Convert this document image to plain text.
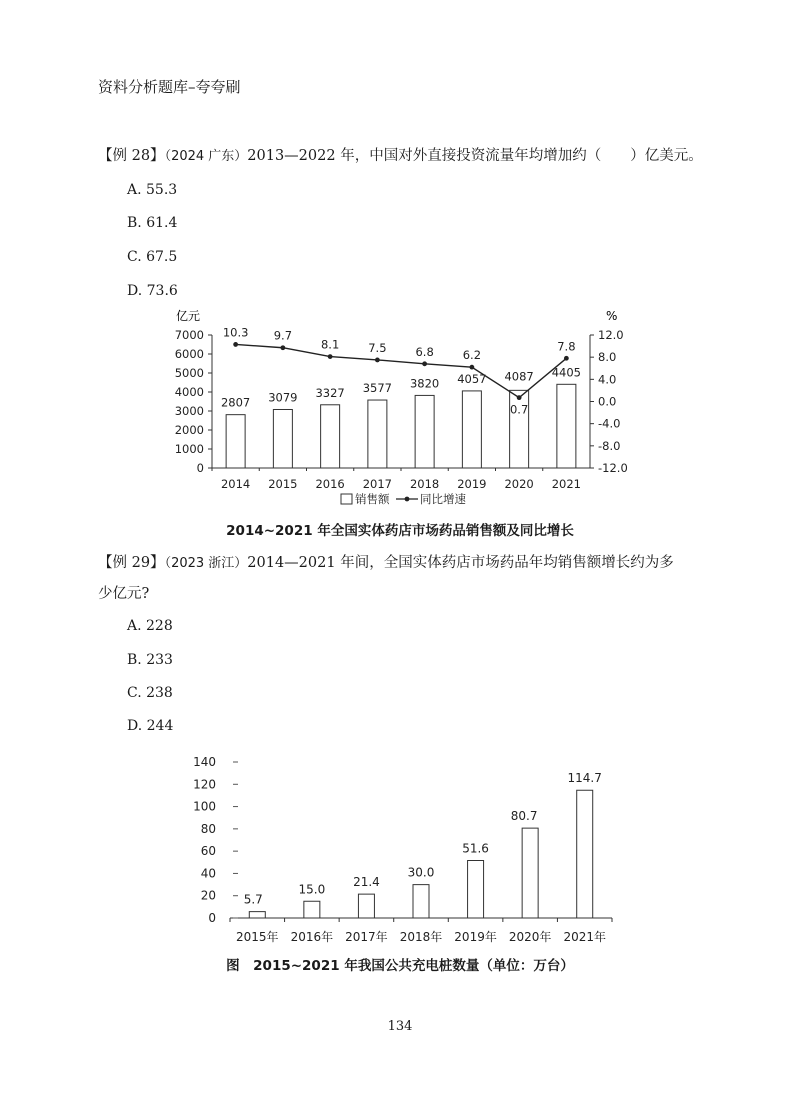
资料分析题库–夸夸刷
【例 28】（2024 广东）2013—2022 年，中国对外直接投资流量年均增加约（　　）亿美元。
A. 55.3
B. 61.4
C. 67.5
D. 73.6
亿元	%
0
1000
2000
3000
4000
5000
6000
7000
-12.0
-8.0
-4.0
0.0
4.0
8.0
12.0
2014 2015 2016 2017 2018 2019 2020 2021
2807 3079 3327 3577 3820 4057 4087 4405
10.3 9.7
8.1	7.5	6.8	6.2
0.7
7.8
销售额	同比增速
2014~2021 年全国实体药店市场药品销售额及同比增长
【例 29】（2023 浙江）2014—2021 年间，全国实体药店市场药品年均销售额增长约为多
少亿元?
A. 228
B. 233
C. 238
D. 244
0
20
40
60
80
100
120
140
2015年 2016年 2017年 2018年 2019年 2020年 2021年
5.7
15.0
21.4
30.0
51.6
80.7
114.7
图　2015~2021 年我国公共充电桩数量（单位：万台）
134
